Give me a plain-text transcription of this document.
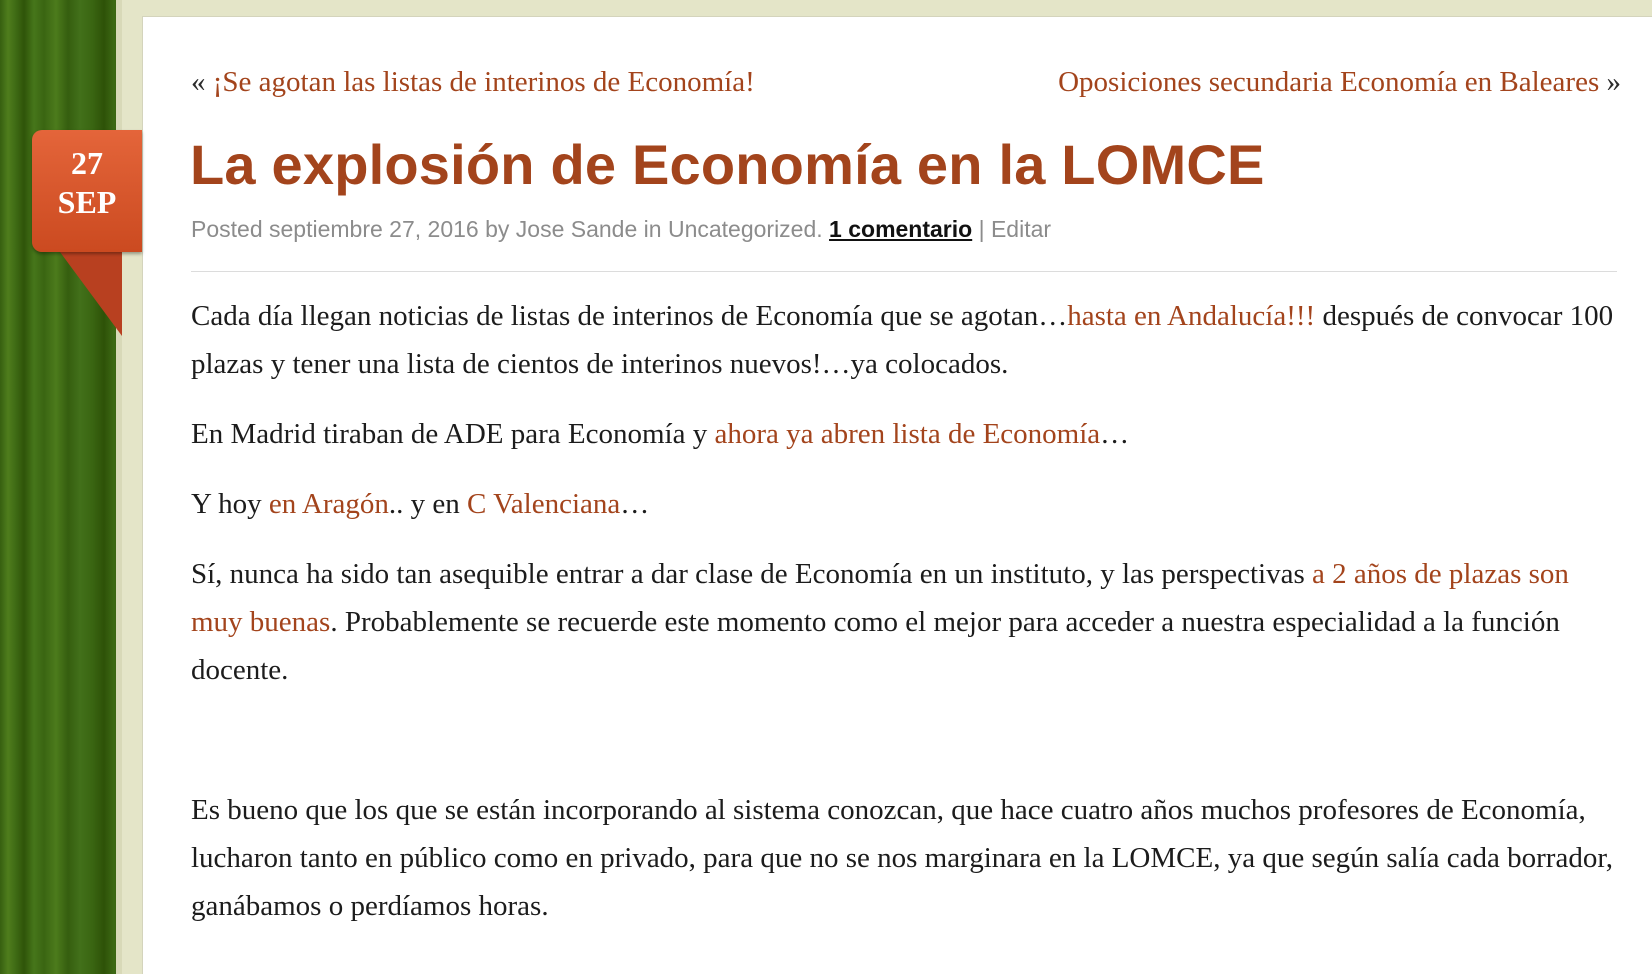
27
SEP
« ¡Se agotan las listas de interinos de Economía!	Oposiciones secundaria Economía en Baleares »
La explosión de Economía en la LOMCE
Posted septiembre 27, 2016 by Jose Sande in Uncategorized. 1 comentario | Editar

Cada día llegan noticias de listas de interinos de Economía que se agotan…hasta en Andalucía!!! después de convocar 100 plazas y tener una lista de cientos de interinos nuevos!…ya colocados.

En Madrid tiraban de ADE para Economía y ahora ya abren lista de Economía…

Y hoy en Aragón.. y en C Valenciana…

Sí, nunca ha sido tan asequible entrar a dar clase de Economía en un instituto, y las perspectivas a 2 años de plazas son muy buenas. Probablemente se recuerde este momento como el mejor para acceder a nuestra especialidad a la función docente.

Es bueno que los que se están incorporando al sistema conozcan, que hace cuatro años muchos profesores de Economía, lucharon tanto en público como en privado, para que no se nos marginara en la LOMCE, ya que según salía cada borrador, ganábamos o perdíamos horas.
